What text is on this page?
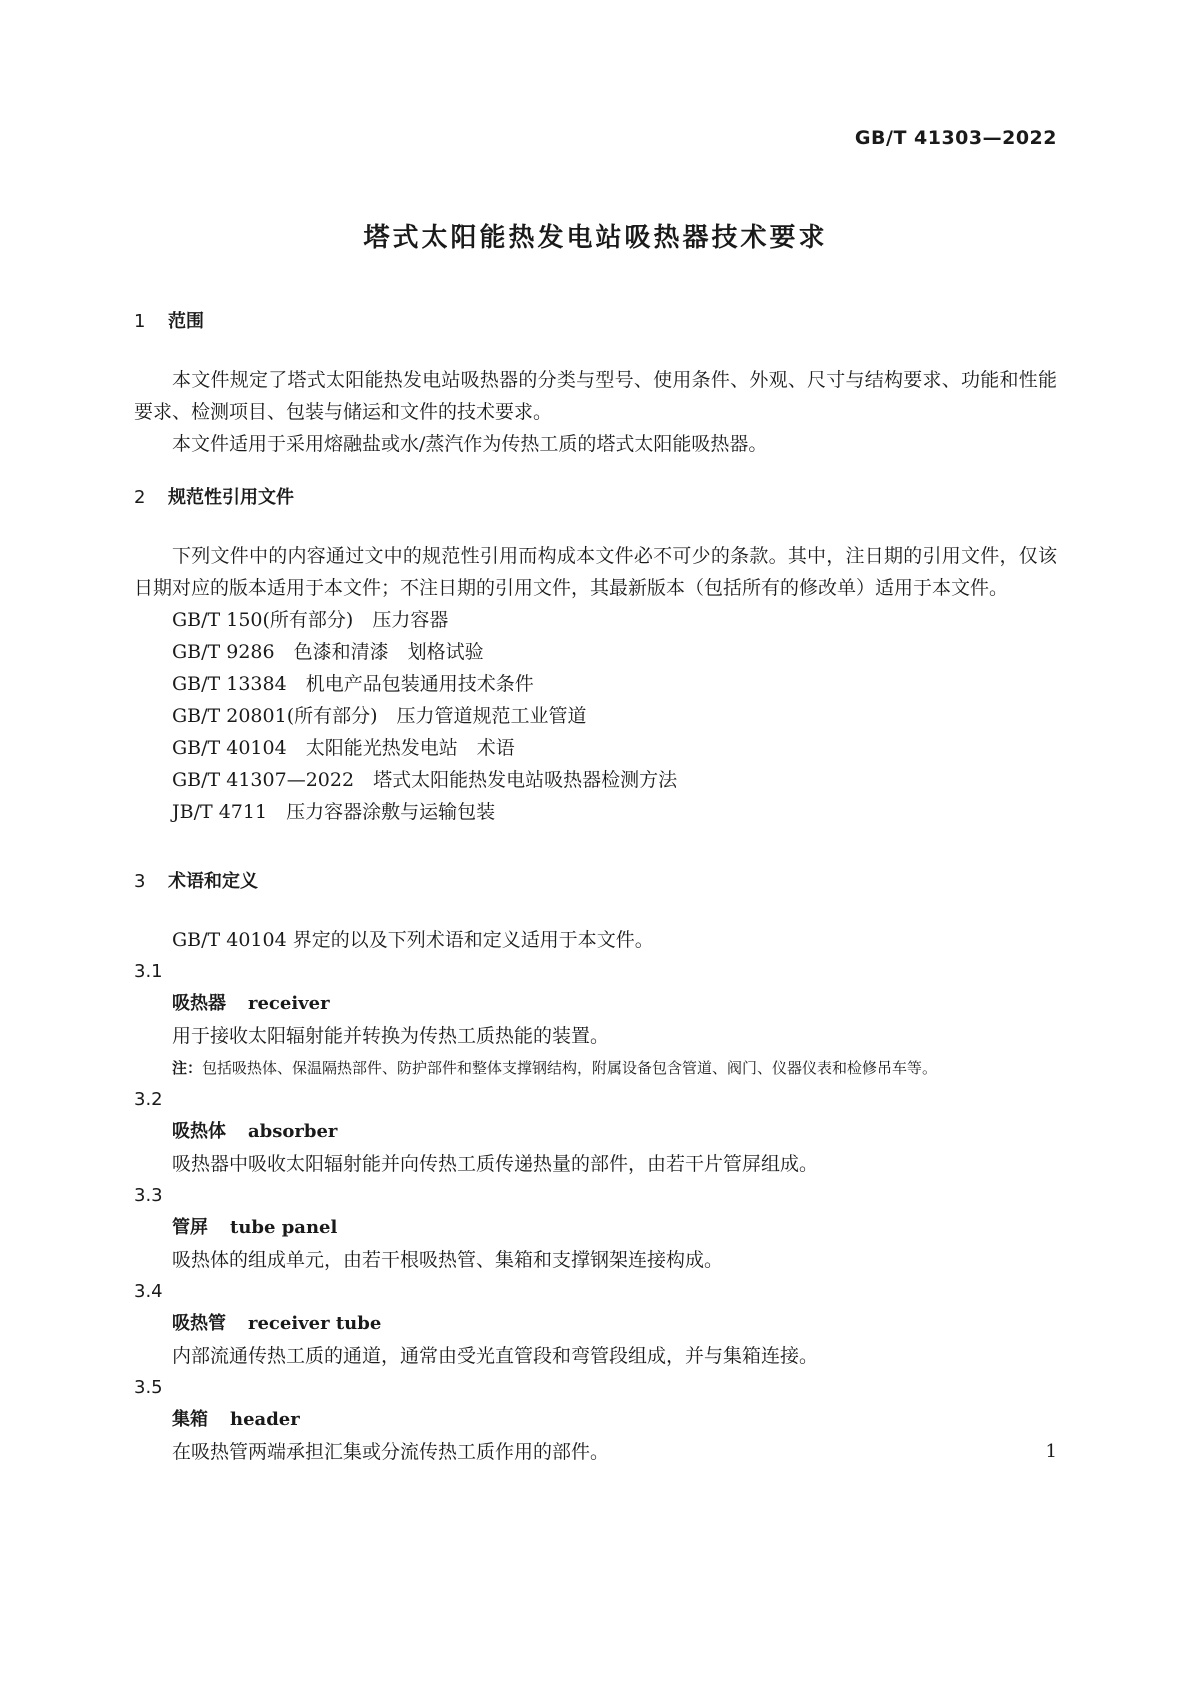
GB/T 41303—2022
塔式太阳能热发电站吸热器技术要求
1 范围

本文件规定了塔式太阳能热发电站吸热器的分类与型号、使用条件、外观、尺寸与结构要求、功能和性能要求、检测项目、包装与储运和文件的技术要求。

本文件适用于采用熔融盐或水/蒸汽作为传热工质的塔式太阳能吸热器。

2 规范性引用文件

下列文件中的内容通过文中的规范性引用而构成本文件必不可少的条款。其中，注日期的引用文件，仅该日期对应的版本适用于本文件；不注日期的引用文件，其最新版本（包括所有的修改单）适用于本文件。

GB/T 150(所有部分)　 压力容器
GB/T 9286　 色漆和清漆　划格试验
GB/T 13384　 机电产品包装通用技术条件
GB/T 20801(所有部分)　 压力管道规范工业管道
GB/T 40104　 太阳能光热发电站　术语
GB/T 41307—2022　 塔式太阳能热发电站吸热器检测方法
JB/T 4711　 压力容器涂敷与运输包装
3 术语和定义

GB/T 40104 界定的以及下列术语和定义适用于本文件。

3.1
吸热器 receiver
用于接收太阳辐射能并转换为传热工质热能的装置。
注：包括吸热体、保温隔热部件、防护部件和整体支撑钢结构，附属设备包含管道、阀门、仪器仪表和检修吊车等。
3.2
吸热体 absorber
吸热器中吸收太阳辐射能并向传热工质传递热量的部件，由若干片管屏组成。
3.3
管屏 tube panel
吸热体的组成单元，由若干根吸热管、集箱和支撑钢架连接构成。
3.4
吸热管 receiver tube
内部流通传热工质的通道，通常由受光直管段和弯管段组成，并与集箱连接。
3.5
集箱 header
在吸热管两端承担汇集或分流传热工质作用的部件。	1
